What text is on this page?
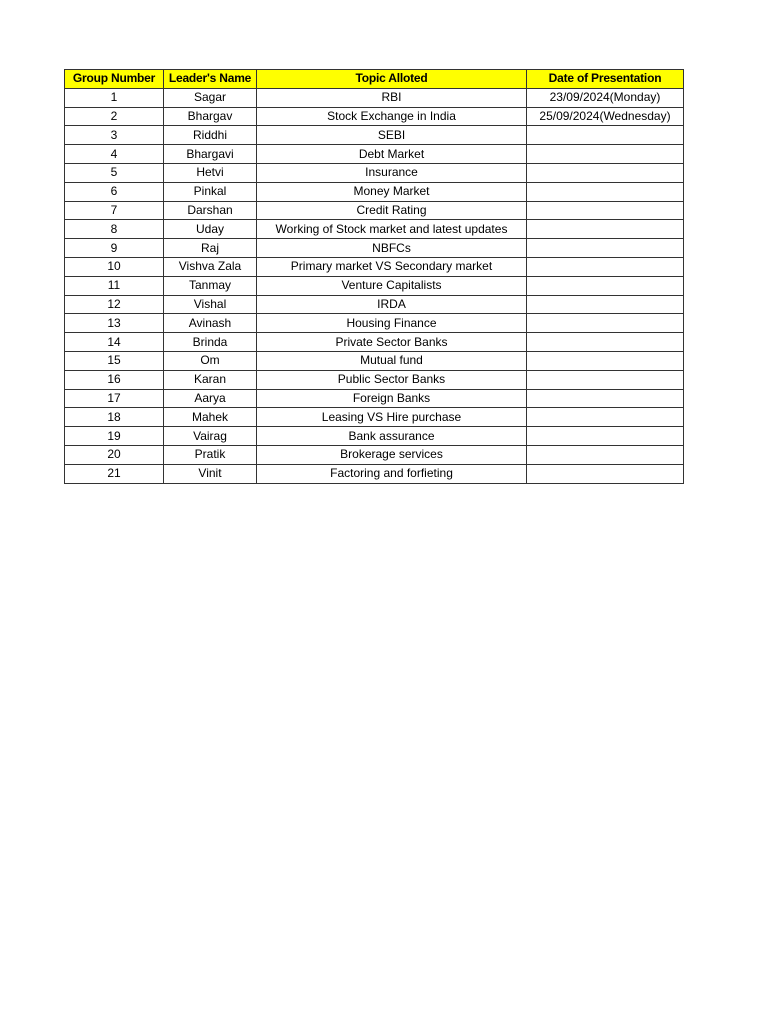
Group Number	Leader's Name	Topic Alloted	Date of Presentation
1	Sagar	RBI	23/09/2024(Monday)
2	Bhargav	Stock Exchange in India	25/09/2024(Wednesday)
3	Riddhi	SEBI	
4	Bhargavi	Debt Market	
5	Hetvi	Insurance	
6	Pinkal	Money Market	
7	Darshan	Credit Rating	
8	Uday	Working of Stock market and latest updates	
9	Raj	NBFCs	
10	Vishva Zala	Primary market VS Secondary market	
11	Tanmay	Venture Capitalists	
12	Vishal	IRDA	
13	Avinash	Housing Finance	
14	Brinda	Private Sector Banks	
15	Om	Mutual fund	
16	Karan	Public Sector Banks	
17	Aarya	Foreign Banks	
18	Mahek	Leasing VS Hire purchase	
19	Vairag	Bank assurance	
20	Pratik	Brokerage services	
21	Vinit	Factoring and forfieting	
